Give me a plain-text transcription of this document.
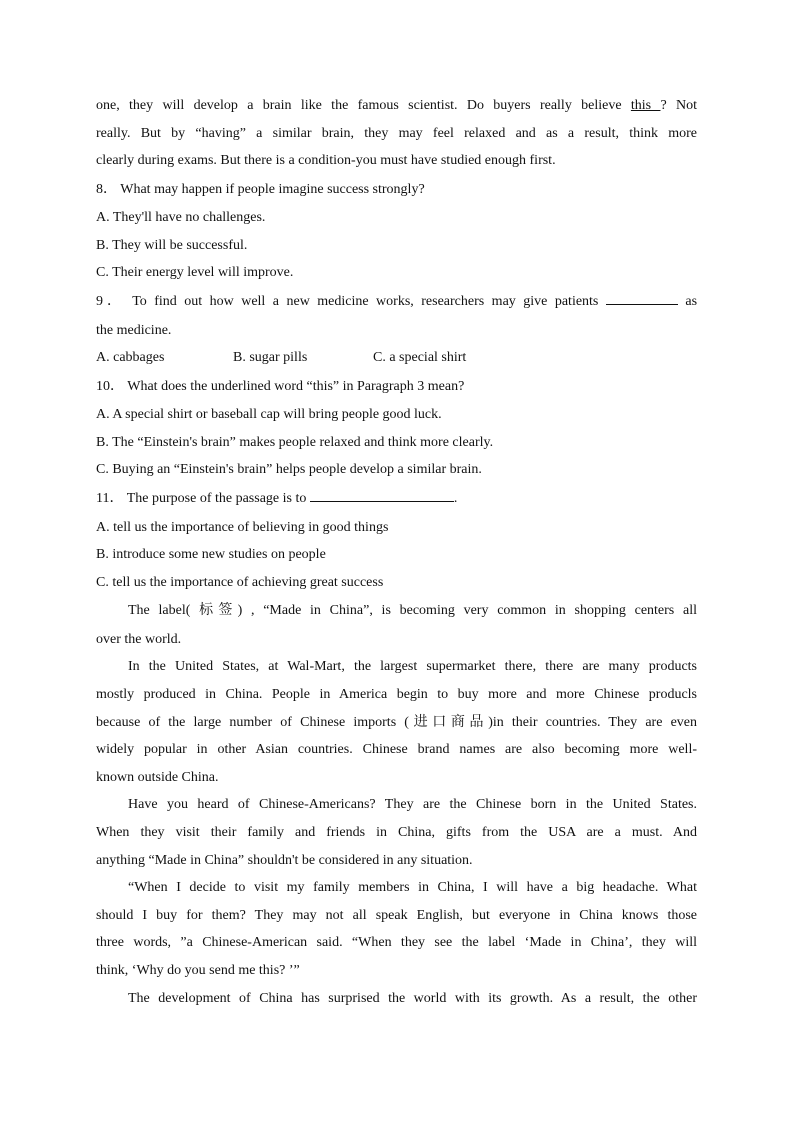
one, they will develop a brain like the famous scientist. Do buyers really believe this ? Not
really. But by “having” a similar brain, they may feel relaxed and as a result, think more
clearly during exams. But there is a condition-you must have studied enough first.
8． What may happen if people imagine success strongly?
A. They'll have no challenges.
B. They will be successful.
C. Their energy level will improve.
9． To find out how well a new medicine works, researchers may give patients	as
the medicine.
A. cabbages	B. sugar pills	C. a special shirt
10． What does the underlined word “this” in Paragraph 3 mean?
A. A special shirt or baseball cap will bring people good luck.
B. The “Einstein's brain” makes people relaxed and think more clearly.
C. Buying an “Einstein's brain” helps people develop a similar brain.
11． The purpose of the passage is to	.
A. tell us the importance of believing in good things
B. introduce some new studies on people
C. tell us the importance of achieving great success
The label( 标签) , “Made in China”, is becoming very common in shopping centers all
over the world.
In the United States, at Wal-Mart, the largest supermarket there, there are many products
mostly produced in China. People in America begin to buy more and more Chinese producls
because of the large number of Chinese imports (进口商品)in their countries. They are even
widely popular in other Asian countries. Chinese brand names are also becoming more well-
known outside China.
Have you heard of Chinese-Americans? They are the Chinese born in the United States.
When they visit their family and friends in China, gifts from the USA are a must. And
anything “Made in China” shouldn't be considered in any situation.
“When I decide to visit my family members in China, I will have a big headache. What
should I buy for them? They may not all speak English, but everyone in China knows those
three words, ”a Chinese-American said. “When they see the label ‘Made in China’, they will
think, ‘Why do you send me this? ’”
The development of China has surprised the world with its growth. As a result, the other
